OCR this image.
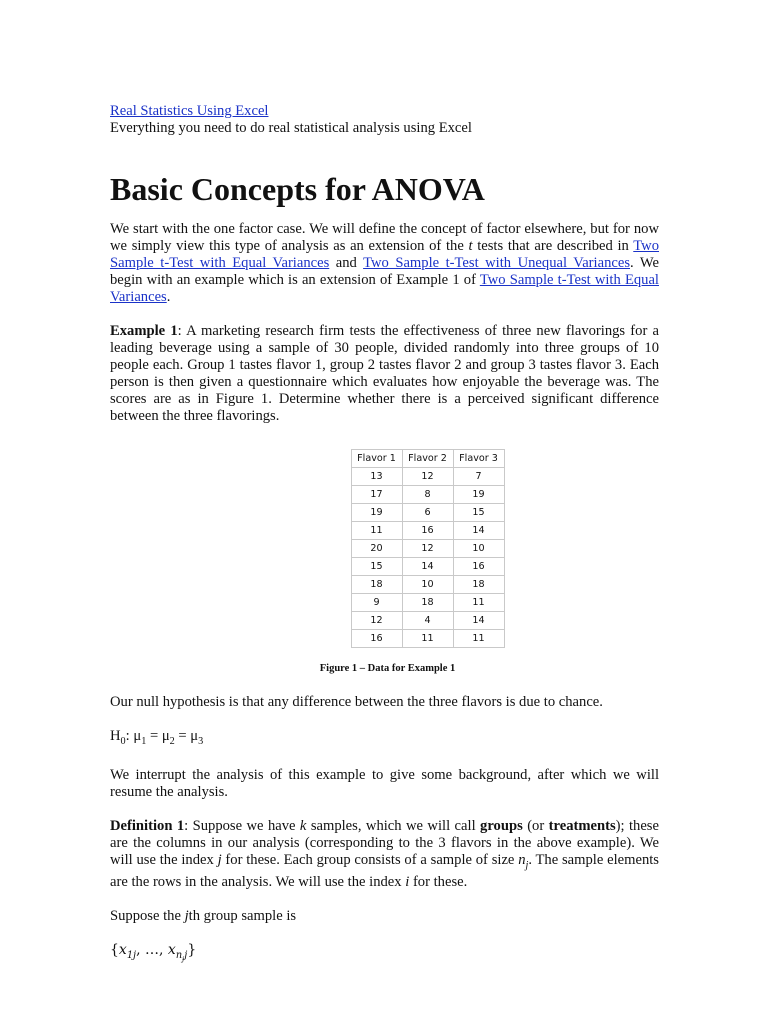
Real Statistics Using Excel
Everything you need to do real statistical analysis using Excel
Basic Concepts for ANOVA

We start with the one factor case. We will define the concept of factor elsewhere, but for now we simply view this type of analysis as an extension of the t tests that are described in Two Sample t-Test with Equal Variances and Two Sample t-Test with Unequal Variances. We begin with an example which is an extension of Example 1 of Two Sample t-Test with Equal Variances.

Example 1: A marketing research firm tests the effectiveness of three new flavorings for a leading beverage using a sample of 30 people, divided randomly into three groups of 10 people each. Group 1 tastes flavor 1, group 2 tastes flavor 2 and group 3 tastes flavor 3. Each person is then given a questionnaire which evaluates how enjoyable the beverage was. The scores are as in Figure 1. Determine whether there is a perceived significant difference between the three flavorings.

Flavor 1	Flavor 2	Flavor 3
13	12	7
17	8	19
19	6	15
11	16	14
20	12	10
15	14	16
18	10	18
9	18	11
12	4	14
16	11	11
Figure 1 – Data for Example 1

Our null hypothesis is that any difference between the three flavors is due to chance.

$H_0$: $\mu_1 = \mu_2 = \mu_3$

We interrupt the analysis of this example to give some background, after which we will resume the analysis.

Definition 1: Suppose we have k samples, which we will call groups (or treatments); these are the columns in our analysis (corresponding to the 3 flavors in the above example). We will use the index j for these. Each group consists of a sample of size $n_j$. The sample elements are the rows in the analysis. We will use the index i for these.

Suppose the jth group sample is

{$x_{1j}$, …, $x_{n_jj}$}
